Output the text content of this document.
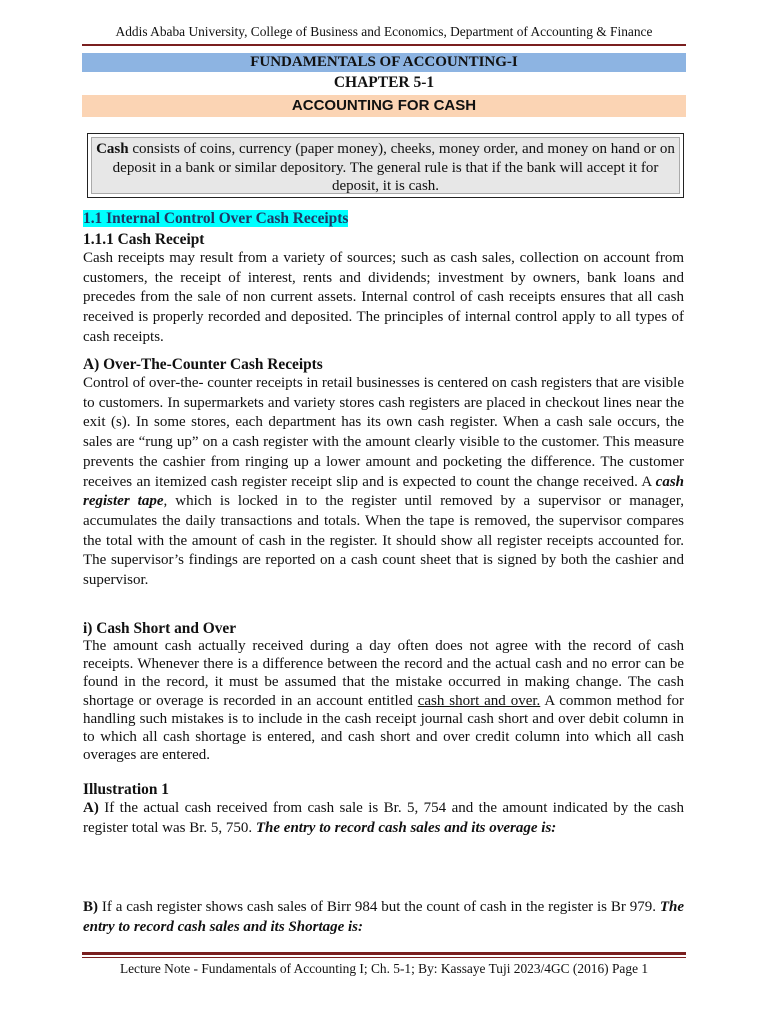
Addis Ababa University, College of Business and Economics, Department of Accounting & Finance
FUNDAMENTALS OF ACCOUNTING-I
CHAPTER 5-1
ACCOUNTING FOR CASH
Cash consists of coins, currency (paper money), cheeks, money order, and money on hand or on deposit in a bank or similar depository. The general rule is that if the bank will accept it for deposit, it is cash.
1.1 Internal Control Over Cash Receipts
1.1.1 Cash Receipt
Cash receipts may result from a variety of sources; such as cash sales, collection on account from customers, the receipt of interest, rents and dividends; investment by owners, bank loans and precedes from the sale of non current assets. Internal control of cash receipts ensures that all cash received is properly recorded and deposited. The principles of internal control apply to all types of cash receipts.
A) Over-The-Counter Cash Receipts
Control of over-the- counter receipts in retail businesses is centered on cash registers that are visible to customers. In supermarkets and variety stores cash registers are placed in checkout lines near the exit (s). In some stores, each department has its own cash register. When a cash sale occurs, the sales are “rung up” on a cash register with the amount clearly visible to the customer. This measure prevents the cashier from ringing up a lower amount and pocketing the difference. The customer receives an itemized cash register receipt slip and is expected to count the change received. A cash register tape, which is locked in to the register until removed by a supervisor or manager, accumulates the daily transactions and totals. When the tape is removed, the supervisor compares the total with the amount of cash in the register. It should show all register receipts accounted for. The supervisor’s findings are reported on a cash count sheet that is signed by both the cashier and supervisor.
i) Cash Short and Over
The amount cash actually received during a day often does not agree with the record of cash receipts. Whenever there is a difference between the record and the actual cash and no error can be found in the record, it must be assumed that the mistake occurred in making change. The cash shortage or overage is recorded in an account entitled cash short and over. A common method for handling such mistakes is to include in the cash receipt journal cash short and over debit column in to which all cash shortage is entered, and cash short and over credit column into which all cash overages are entered.
Illustration 1
A) If the actual cash received from cash sale is Br. 5, 754 and the amount indicated by the cash register total was Br. 5, 750. The entry to record cash sales and its overage is:
B) If a cash register shows cash sales of Birr 984 but the count of cash in the register is Br 979. The entry to record cash sales and its Shortage is:
Lecture Note - Fundamentals of Accounting I; Ch. 5-1; By: Kassaye Tuji 2023/4GC (2016) Page 1
